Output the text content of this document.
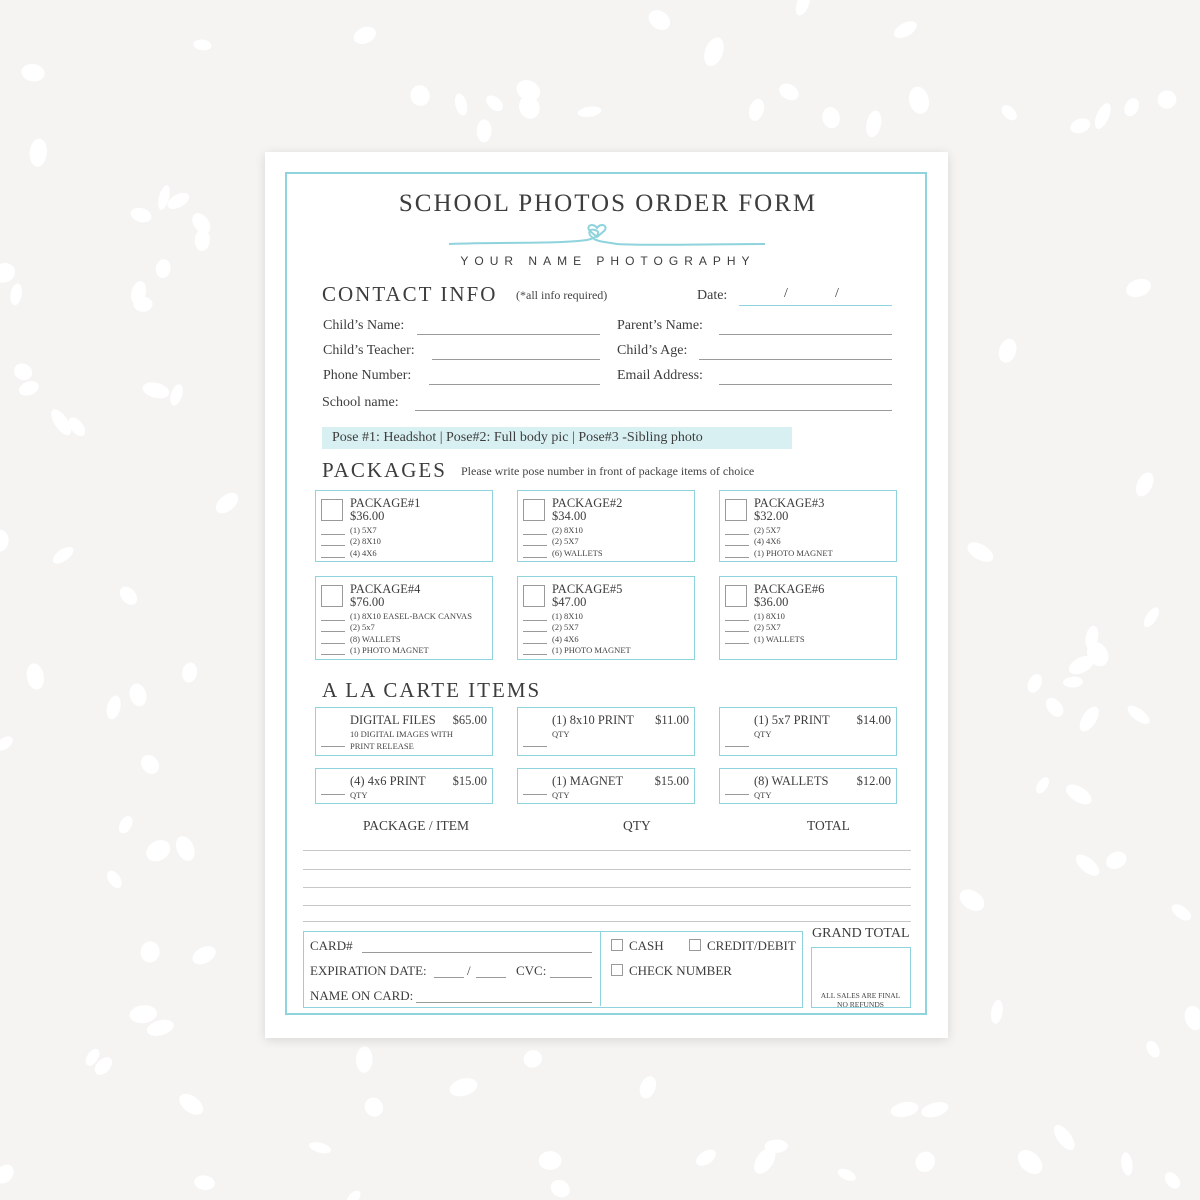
SCHOOL PHOTOS ORDER FORM
YOUR NAME PHOTOGRAPHY
CONTACT INFO (*all info required)	Date:	/	/
Child’s Name:	Parent’s Name:
Child’s Teacher:	Child’s Age:
Phone Number:	Email Address:
School name:
Pose #1: Headshot | Pose#2: Full body pic | Pose#3 -Sibling photo
PACKAGES Please write pose number in front of package items of choice
PACKAGE#1
$36.00
(1) 5X7
(2) 8X10
(4) 4X6
PACKAGE#2
$34.00
(2) 8X10
(2) 5X7
(6) WALLETS
PACKAGE#3
$32.00
(2) 5X7
(4) 4X6
(1) PHOTO MAGNET
PACKAGE#4
$76.00
(1) 8X10 EASEL-BACK CANVAS
(2) 5x7
(8) WALLETS
(1) PHOTO MAGNET
PACKAGE#5
$47.00
(1) 8X10
(2) 5X7
(4) 4X6
(1) PHOTO MAGNET
PACKAGE#6
$36.00
(1) 8X10
(2) 5X7
(1) WALLETS
A LA CARTE ITEMS
DIGITAL FILES $65.00
10 DIGITAL IMAGES WITH
PRINT RELEASE
(1) 8x10 PRINT $11.00
QTY
(1) 5x7 PRINT $14.00
QTY
(4) 4x6 PRINT $15.00
QTY
(1) MAGNET	$15.00
QTY
(8) WALLETS $12.00
QTY
PACKAGE / ITEM	QTY	TOTAL
CARD#
EXPIRATION DATE:	/	CVC:
NAME ON CARD:
CASH	CREDIT/DEBIT
CHECK NUMBER
GRAND TOTAL
ALL SALES ARE FINAL
NO REFUNDS
